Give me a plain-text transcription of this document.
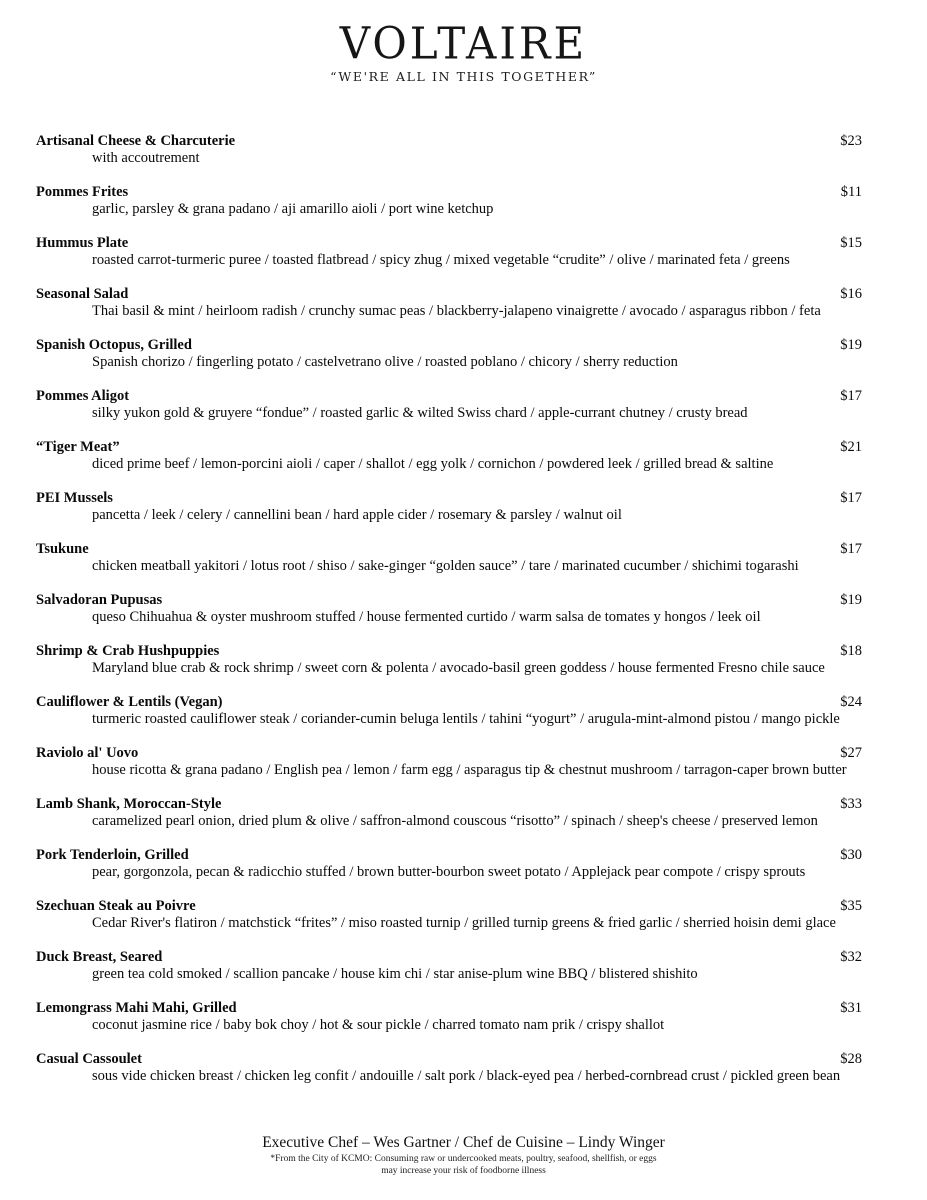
VOLTAIRE
“WE'RE ALL IN THIS TOGETHER”
Artisanal Cheese & Charcuterie	$23
with accoutrement
Pommes Frites	$11
garlic, parsley & grana padano / aji amarillo aioli / port wine ketchup
Hummus Plate	$15
roasted carrot-turmeric puree / toasted flatbread / spicy zhug / mixed vegetable “crudite” / olive / marinated feta / greens
Seasonal Salad	$16
Thai basil & mint / heirloom radish / crunchy sumac peas / blackberry-jalapeno vinaigrette / avocado / asparagus ribbon / feta
Spanish Octopus, Grilled	$19
Spanish chorizo / fingerling potato / castelvetrano olive / roasted poblano / chicory / sherry reduction
Pommes Aligot	$17
silky yukon gold & gruyere “fondue” / roasted garlic & wilted Swiss chard / apple-currant chutney / crusty bread
“Tiger Meat”	$21
diced prime beef / lemon-porcini aioli / caper / shallot / egg yolk / cornichon / powdered leek / grilled bread & saltine
PEI Mussels	$17
pancetta / leek / celery / cannellini bean / hard apple cider / rosemary & parsley / walnut oil
Tsukune	$17
chicken meatball yakitori / lotus root / shiso / sake-ginger “golden sauce” / tare / marinated cucumber / shichimi togarashi
Salvadoran Pupusas	$19
queso Chihuahua & oyster mushroom stuffed / house fermented curtido / warm salsa de tomates y hongos / leek oil
Shrimp & Crab Hushpuppies	$18
Maryland blue crab & rock shrimp / sweet corn & polenta / avocado-basil green goddess / house fermented Fresno chile sauce
Cauliflower & Lentils (Vegan)	$24
turmeric roasted cauliflower steak / coriander-cumin beluga lentils / tahini “yogurt” / arugula-mint-almond pistou / mango pickle
Raviolo al' Uovo	$27
house ricotta & grana padano / English pea / lemon / farm egg / asparagus tip & chestnut mushroom / tarragon-caper brown butter
Lamb Shank, Moroccan-Style	$33
caramelized pearl onion, dried plum & olive / saffron-almond couscous “risotto” / spinach / sheep's cheese / preserved lemon
Pork Tenderloin, Grilled	$30
pear, gorgonzola, pecan & radicchio stuffed / brown butter-bourbon sweet potato / Applejack pear compote / crispy sprouts
Szechuan Steak au Poivre	$35
Cedar River's flatiron / matchstick “frites” / miso roasted turnip / grilled turnip greens & fried garlic / sherried hoisin demi glace
Duck Breast, Seared	$32
green tea cold smoked / scallion pancake / house kim chi / star anise-plum wine BBQ / blistered shishito
Lemongrass Mahi Mahi, Grilled	$31
coconut jasmine rice / baby bok choy / hot & sour pickle / charred tomato nam prik / crispy shallot
Casual Cassoulet	$28
sous vide chicken breast / chicken leg confit / andouille / salt pork / black-eyed pea / herbed-cornbread crust / pickled green bean
Executive Chef – Wes Gartner / Chef de Cuisine – Lindy Winger
*From the City of KCMO: Consuming raw or undercooked meats, poultry, seafood, shellfish, or eggs
may increase your risk of foodborne illness
